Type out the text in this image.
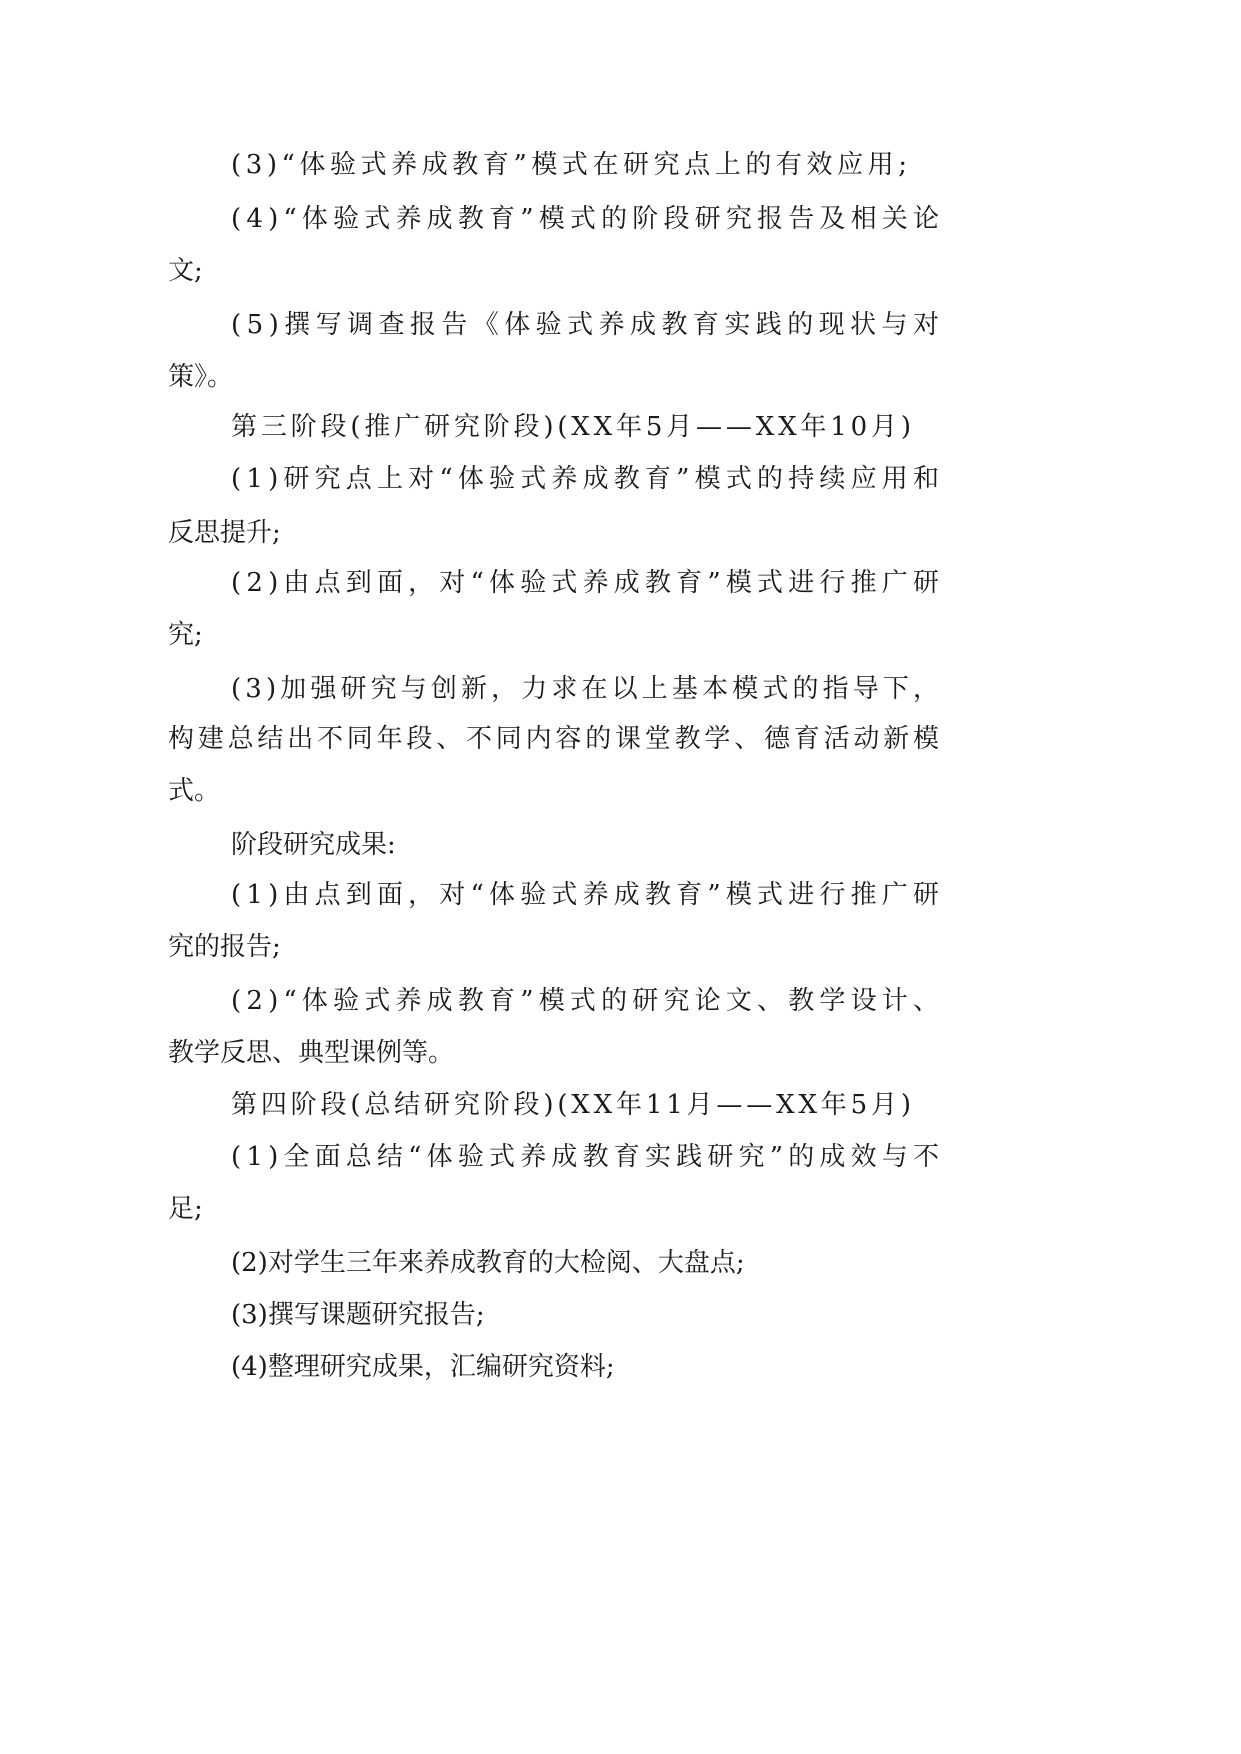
(3)“体验式养成教育”模式在研究点上的有效应用;

(4)“体验式养成教育”模式的阶段研究报告及相关论

文;

(5)撰写调查报告《体验式养成教育实践的现状与对

策》。

第三阶段(推广研究阶段)(XX年5月——XX年10月)

(1)研究点上对“体验式养成教育”模式的持续应用和

反思提升;

(2)由点到面，对“体验式养成教育”模式进行推广研

究;

(3)加强研究与创新，力求在以上基本模式的指导下，

构建总结出不同年段、不同内容的课堂教学、德育活动新模

式。

阶段研究成果:

(1)由点到面，对“体验式养成教育”模式进行推广研

究的报告;

(2)“体验式养成教育”模式的研究论文、教学设计、

教学反思、典型课例等。

第四阶段(总结研究阶段)(XX年11月——XX年5月)

(1)全面总结“体验式养成教育实践研究”的成效与不

足;

(2)对学生三年来养成教育的大检阅、大盘点;

(3)撰写课题研究报告;

(4)整理研究成果，汇编研究资料;
